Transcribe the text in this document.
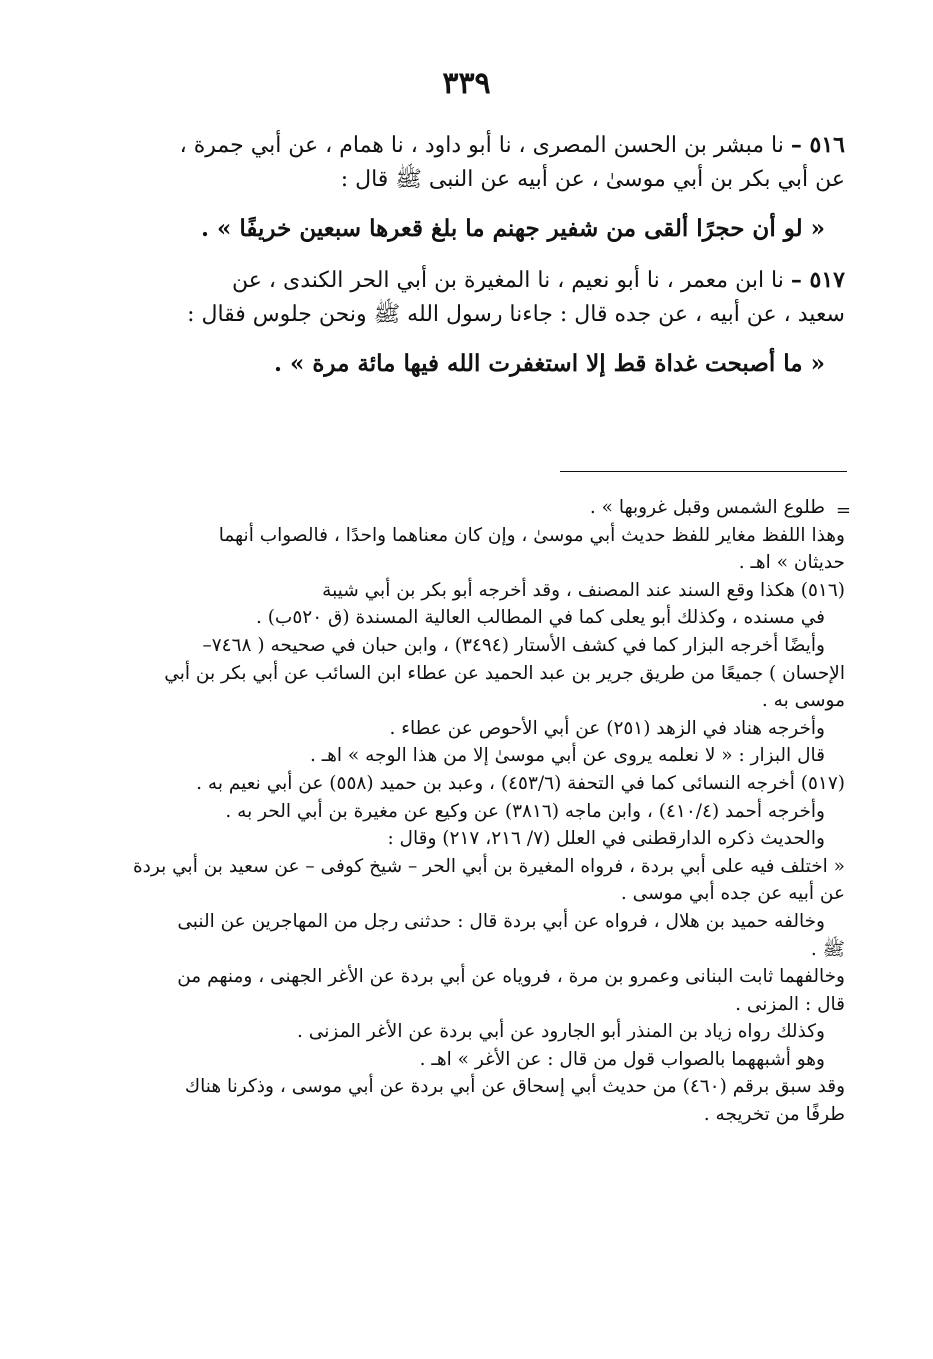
٣٣٩

٥١٦ – نا مبشر بن الحسن المصرى ، نا أبو داود ، نا همام ، عن أبي جمرة ،
عن أبي بكر بن أبي موسىٰ ، عن أبيه عن النبى ﷺ قال :

« لو أن حجرًا ألقى من شفير جهنم ما بلغ قعرها سبعين خريفًا » .

٥١٧ – نا ابن معمر ، نا أبو نعيم ، نا المغيرة بن أبي الحر الكندى ، عن
سعيد ، عن أبيه ، عن جده قال : جاءنا رسول الله ﷺ ونحن جلوس فقال :

« ما أصبحت غداة قط إلا استغفرت الله فيها مائة مرة » .

=

طلوع الشمس وقبل غروبها » .

وهذا اللفظ مغاير للفظ حديث أبي موسىٰ ، وإن كان معناهما واحدًا ، فالصواب أنهما

حديثان » اهـ .

(٥١٦) هكذا وقع السند عند المصنف ، وقد أخرجه أبو بكر بن أبي شيبة

في مسنده ، وكذلك أبو يعلى كما في المطالب العالية المسندة (ق ٥٢٠ب) .

وأيضًا أخرجه البزار كما في كشف الأستار (٣٤٩٤) ، وابن حبان في صحيحه ( ٧٤٦٨–

الإحسان ) جميعًا من طريق جرير بن عبد الحميد عن عطاء ابن السائب عن أبي بكر بن أبي

موسى به .

وأخرجه هناد في الزهد (٢٥١) عن أبي الأحوص عن عطاء .

قال البزار : « لا نعلمه يروى عن أبي موسىٰ إلا من هذا الوجه » اهـ .

(٥١٧) أخرجه النسائى كما في التحفة (٤٥٣/٦) ، وعبد بن حميد (٥٥٨) عن أبي نعيم به .

وأخرجه أحمد (٤١٠/٤) ، وابن ماجه (٣٨١٦) عن وكيع عن مغيرة بن أبي الحر به .

والحديث ذكره الدارقطنى في العلل (٧/ ٢١٦، ٢١٧) وقال :

« اختلف فيه على أبي بردة ، فرواه المغيرة بن أبي الحر – شيخ كوفى – عن سعيد بن أبي بردة

عن أبيه عن جده أبي موسى .

وخالفه حميد بن هلال ، فرواه عن أبي بردة قال : حدثنى رجل من المهاجرين عن النبى

ﷺ .

وخالفهما ثابت البنانى وعمرو بن مرة ، فروياه عن أبي بردة عن الأغر الجهنى ، ومنهم من

قال : المزنى .

وكذلك رواه زياد بن المنذر أبو الجارود عن أبي بردة عن الأغر المزنى .

وهو أشبههما بالصواب قول من قال : عن الأغر » اهـ .

وقد سبق برقم (٤٦٠) من حديث أبي إسحاق عن أبي بردة عن أبي موسى ، وذكرنا هناك

طرفًا من تخريجه .
